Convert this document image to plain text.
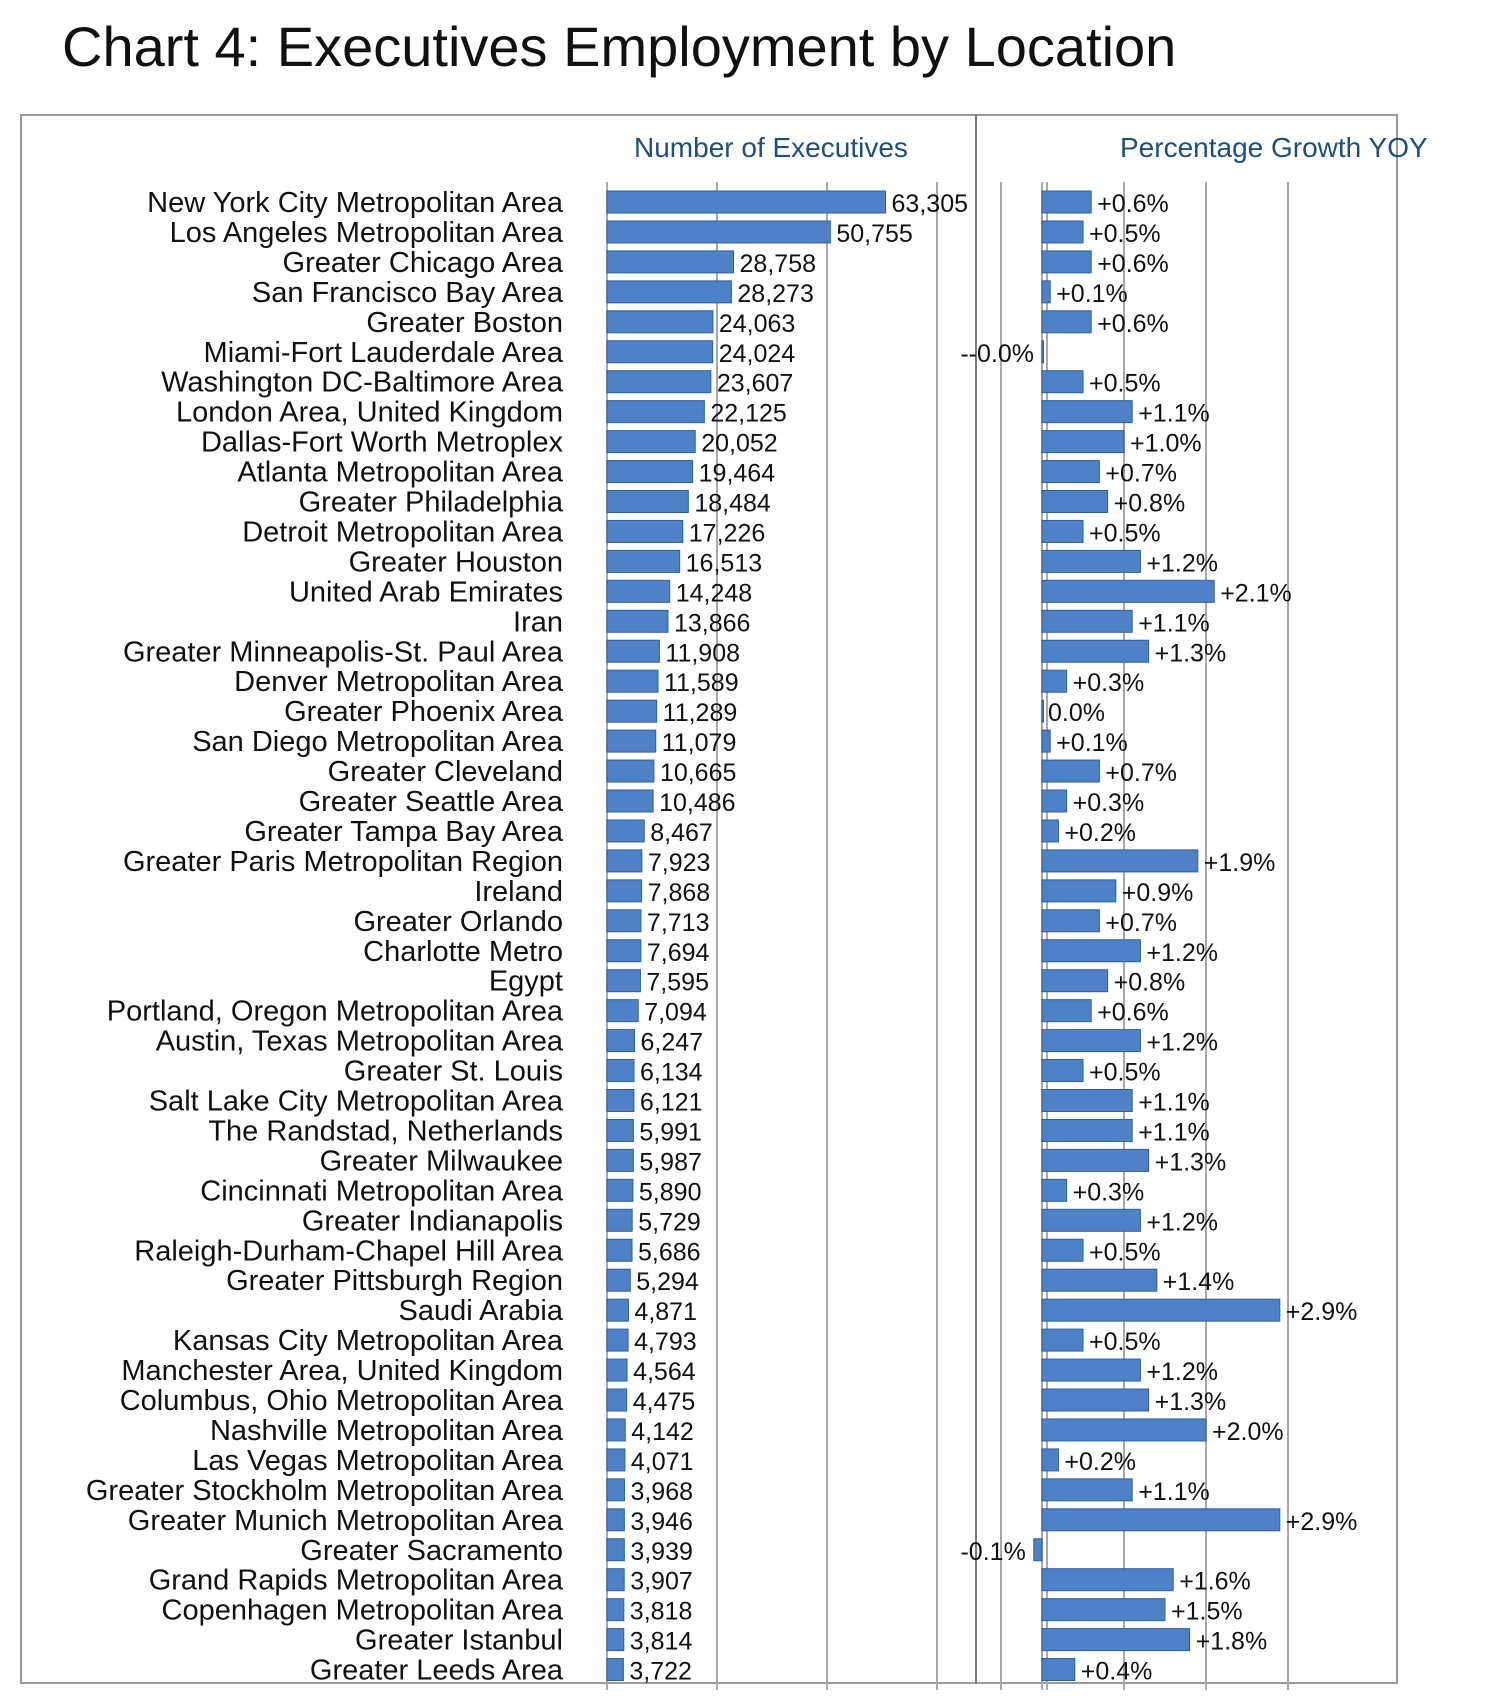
Chart 4: Executives Employment by Location
Number of Executives	Percentage Growth YOY
New York City Metropolitan Area	63,305	+0.6%
Los Angeles Metropolitan Area	50,755	+0.5%
Greater Chicago Area	28,758	+0.6%
San Francisco Bay Area	28,273	+0.1%
Greater Boston	24,063	+0.6%
Miami-Fort Lauderdale Area	24,024	--0.0%
Washington DC-Baltimore Area	23,607	+0.5%
London Area, United Kingdom	22,125	+1.1%
Dallas-Fort Worth Metroplex	20,052	+1.0%
Atlanta Metropolitan Area	19,464	+0.7%
Greater Philadelphia	18,484	+0.8%
Detroit Metropolitan Area	17,226	+0.5%
Greater Houston	16,513	+1.2%
United Arab Emirates	14,248	+2.1%
Iran	13,866	+1.1%
Greater Minneapolis-St. Paul Area	11,908	+1.3%
Denver Metropolitan Area	11,589	+0.3%
Greater Phoenix Area	11,289	0.0%
San Diego Metropolitan Area	11,079	+0.1%
Greater Cleveland	10,665	+0.7%
Greater Seattle Area	10,486	+0.3%
Greater Tampa Bay Area	8,467	+0.2%
Greater Paris Metropolitan Region	7,923	+1.9%
Ireland	7,868	+0.9%
Greater Orlando	7,713	+0.7%
Charlotte Metro	7,694	+1.2%
Egypt	7,595	+0.8%
Portland, Oregon Metropolitan Area	7,094	+0.6%
Austin, Texas Metropolitan Area	6,247	+1.2%
Greater St. Louis	6,134	+0.5%
Salt Lake City Metropolitan Area	6,121	+1.1%
The Randstad, Netherlands	5,991	+1.1%
Greater Milwaukee	5,987	+1.3%
Cincinnati Metropolitan Area	5,890	+0.3%
Greater Indianapolis	5,729	+1.2%
Raleigh-Durham-Chapel Hill Area	5,686	+0.5%
Greater Pittsburgh Region	5,294	+1.4%
Saudi Arabia	4,871	+2.9%
Kansas City Metropolitan Area	4,793	+0.5%
Manchester Area, United Kingdom	4,564	+1.2%
Columbus, Ohio Metropolitan Area	4,475	+1.3%
Nashville Metropolitan Area	4,142	+2.0%
Las Vegas Metropolitan Area	4,071	+0.2%
Greater Stockholm Metropolitan Area	3,968	+1.1%
Greater Munich Metropolitan Area	3,946	+2.9%
Greater Sacramento	3,939	-0.1%
Grand Rapids Metropolitan Area	3,907	+1.6%
Copenhagen Metropolitan Area	3,818	+1.5%
Greater Istanbul	3,814	+1.8%
Greater Leeds Area	3,722	+0.4%
